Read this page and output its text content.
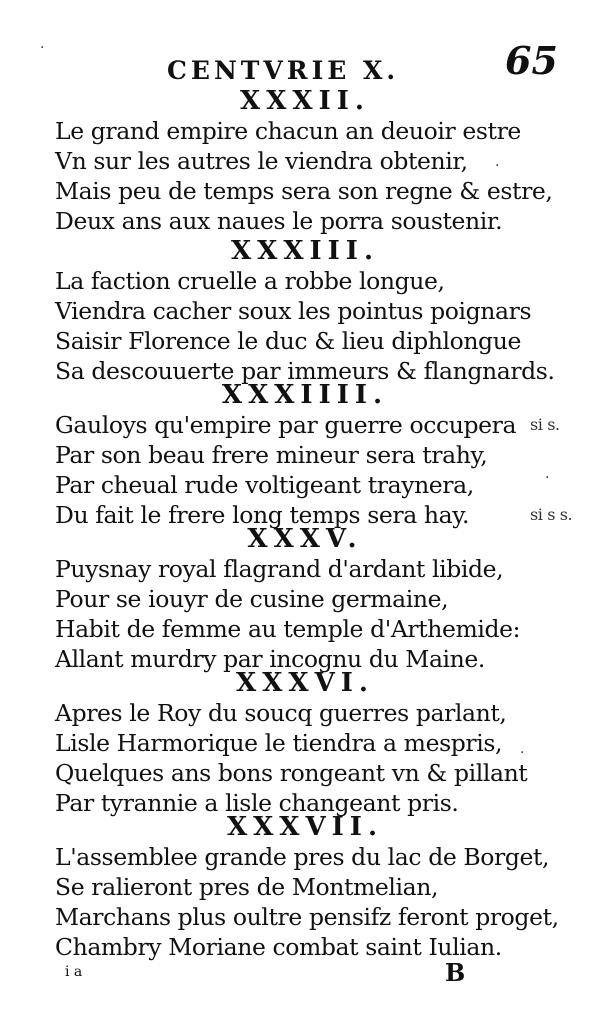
CENTVRIE X.	65
XXXII.
Le grand empire chacun an deuoir estre
Vn sur les autres le viendra obtenir,
Mais peu de temps sera son regne & estre,
Deux ans aux naues le porra soustenir.
XXXIII.
La faction cruelle a robbe longue,
Viendra cacher soux les pointus poignars
Saisir Florence le duc & lieu diphlongue
Sa descouuerte par immeurs & flangnards.
XXXIIII.
Gauloys qu'empire par guerre occupera si s.
Par son beau frere mineur sera trahy,
Par cheual rude voltigeant traynera,
Du fait le frere long temps sera hay.	si s s.
XXXV.
Puysnay royal flagrand d'ardant libide,
Pour se iouyr de cusine germaine,
Habit de femme au temple d'Arthemide:
Allant murdry par incognu du Maine.
XXXVI.
Apres le Roy du soucq guerres parlant,
Lisle Harmorique le tiendra a mespris,
Quelques ans bons rongeant vn & pillant
Par tyrannie a lisle changeant pris.
XXXVII.
L'assemblee grande pres du lac de Borget,
Se ralieront pres de Montmelian,
Marchans plus oultre pensifz feront proget,
Chambry Moriane combat saint Iulian.
i a	B
·
·
·
·
